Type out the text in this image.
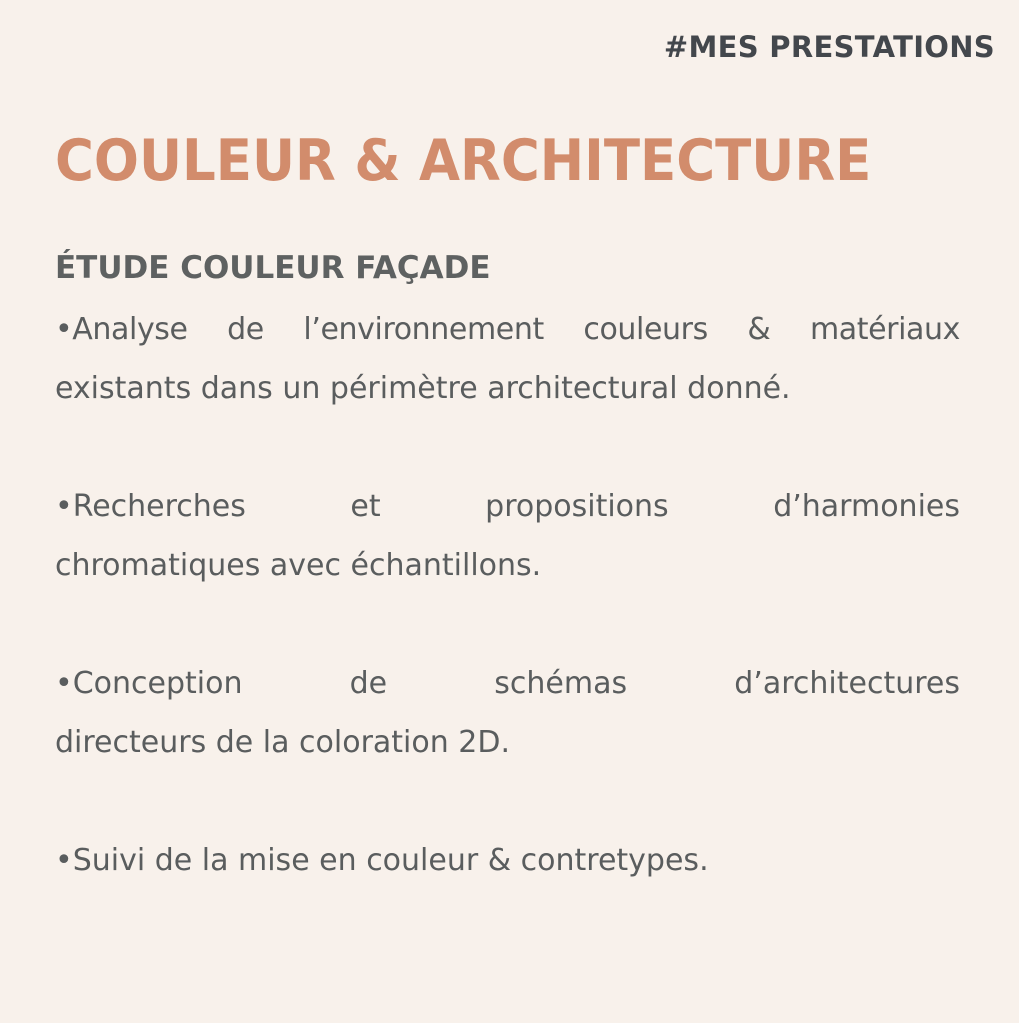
#MES PRESTATIONS
COULEUR & ARCHITECTURE
ÉTUDE COULEUR FAÇADE

•Analyse de l’environnement couleurs & matériaux
existants dans un périmètre architectural donné.

•Recherches et propositions d’harmonies
chromatiques avec échantillons.

•Conception de schémas d’architectures
directeurs de la coloration 2D.

•Suivi de la mise en couleur & contretypes.
